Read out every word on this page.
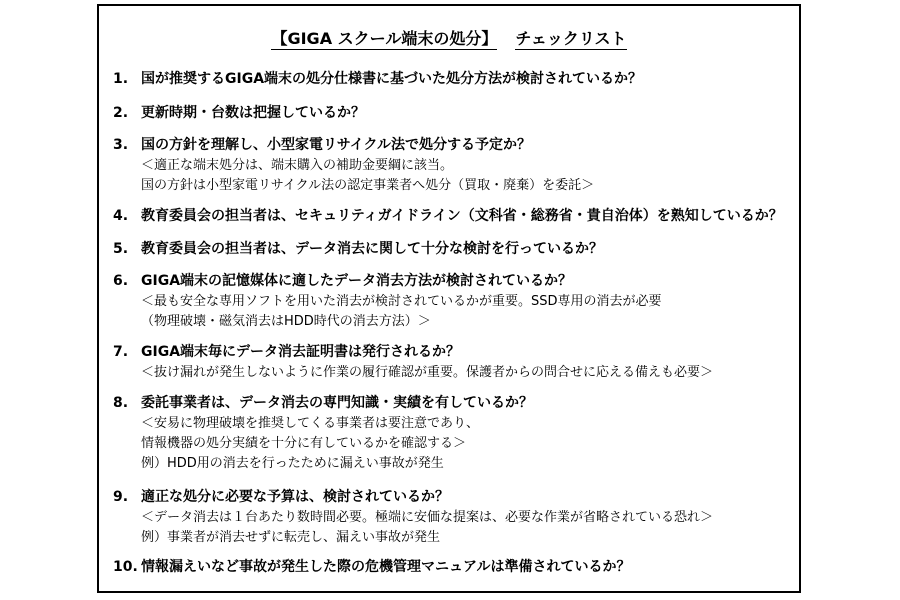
【GIGA スクール端末の処分】 チェックリスト
1. 国が推奨するGIGA端末の処分仕様書に基づいた処分方法が検討されているか？
2. 更新時期・台数は把握しているか？
3. 国の方針を理解し、小型家電リサイクル法で処分する予定か？
＜適正な端末処分は、端末購入の補助金要綱に該当。
国の方針は小型家電リサイクル法の認定事業者へ処分（買取・廃棄）を委託＞
4. 教育委員会の担当者は、セキュリティガイドライン（文科省・総務省・貴自治体）を熟知しているか？
5. 教育委員会の担当者は、データ消去に関して十分な検討を行っているか？
6. GIGA端末の記憶媒体に適したデータ消去方法が検討されているか？
＜最も安全な専用ソフトを用いた消去が検討されているかが重要。SSD専用の消去が必要
（物理破壊・磁気消去はHDD時代の消去方法）＞
7. GIGA端末毎にデータ消去証明書は発行されるか？
＜抜け漏れが発生しないように作業の履行確認が重要。保護者からの問合せに応える備えも必要＞
8. 委託事業者は、データ消去の専門知識・実績を有しているか？
＜安易に物理破壊を推奨してくる事業者は要注意であり、
情報機器の処分実績を十分に有しているかを確認する＞
例）HDD用の消去を行ったために漏えい事故が発生
9. 適正な処分に必要な予算は、検討されているか？
＜データ消去は１台あたり数時間必要。極端に安価な提案は、必要な作業が省略されている恐れ＞
例）事業者が消去せずに転売し、漏えい事故が発生
10. 情報漏えいなど事故が発生した際の危機管理マニュアルは準備されているか？
